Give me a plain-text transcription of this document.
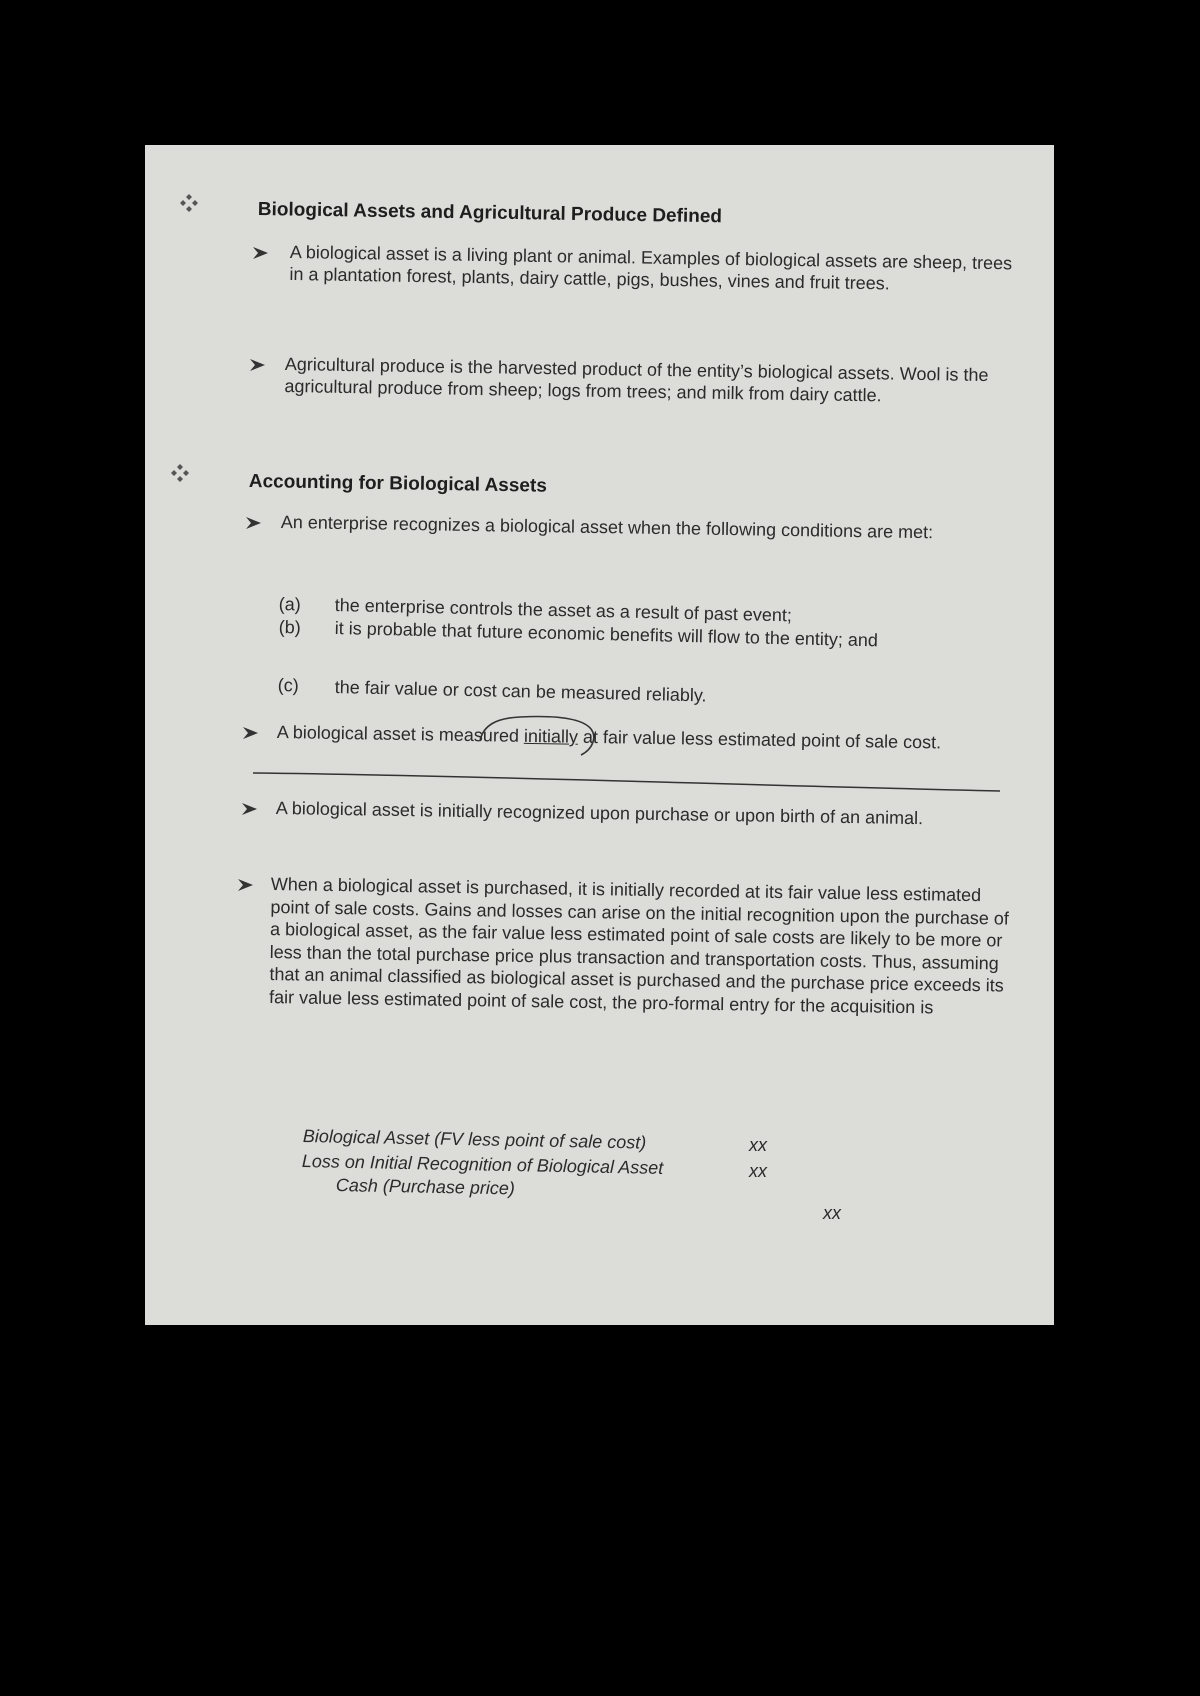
Biological Assets and Agricultural Produce Defined
A biological asset is a living plant or animal. Examples of biological assets are sheep, trees in a plantation forest, plants, dairy cattle, pigs, bushes, vines and fruit trees.
Agricultural produce is the harvested product of the entity’s biological assets. Wool is the agricultural produce from sheep; logs from trees; and milk from dairy cattle.
Accounting for Biological Assets
An enterprise recognizes a biological asset when the following conditions are met:
(a) the enterprise controls the asset as a result of past event;
(b) it is probable that future economic benefits will flow to the entity; and
(c) the fair value or cost can be measured reliably.
A biological asset is measured initially at fair value less estimated point of sale cost.
A biological asset is initially recognized upon purchase or upon birth of an animal.
When a biological asset is purchased, it is initially recorded at its fair value less estimated point of sale costs. Gains and losses can arise on the initial recognition upon the purchase of a biological asset, as the fair value less estimated point of sale costs are likely to be more or less than the total purchase price plus transaction and transportation costs. Thus, assuming that an animal classified as biological asset is purchased and the purchase price exceeds its fair value less estimated point of sale cost, the pro-formal entry for the acquisition is
Biological Asset (FV less point of sale cost)	xx
Loss on Initial Recognition of Biological Asset	xx
Cash (Purchase price)
xx
